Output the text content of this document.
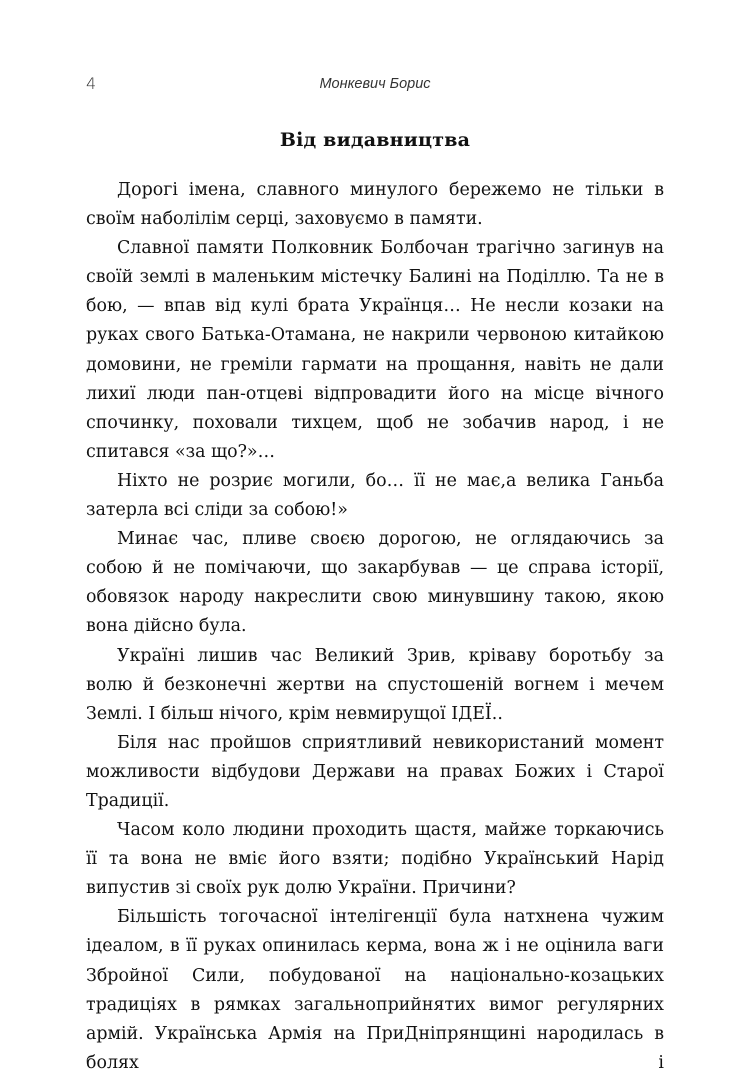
4	Монкевич Борис
Від видавництва

Дорогі імена, славного минулого бережемо не тільки в своїм наболілім серці, заховуємо в памяти.

Славної памяти Полковник Болбочан трагічно загинув на своїй землі в маленьким містечку Балині на Поділлю. Та не в бою, — впав від кулі брата Українця… Не несли козаки на руках свого Батька-Отамана, не накрили червоною китайкою домовини, не греміли гармати на прощання, навіть не дали лихиї люди пан-отцеві відпровадити його на місце вічного спочинку, поховали тихцем, щоб не зобачив народ, і не спитався «за що?»…

Ніхто не розриє могили, бо… її не має,а велика Ганьба затерла всі сліди за собою!»

Минає час, пливе своєю дорогою, не оглядаючись за собою й не помічаючи, що закарбував — це справа історії, обовязок народу накреслити свою минувшину такою, якою вона дійсно була.

Україні лишив час Великий Зрив, кріваву боротьбу за волю й безконечні жертви на спустошеній вогнем і мечем Землі. І більш нічого, крім невмирущої ІДЕЇ..

Біля нас пройшов сприятливий невикористаний момент можливости відбудови Держави на правах Божих і Старої Традиції.

Часом коло людини проходить щастя, майже торкаючись її та вона не вміє його взяти; подібно Український Нарід випустив зі своїх рук долю України. Причини?

Більшість тогочасної інтелігенції була натхнена чужим ідеалом, в її руках опинилась керма, вона ж і не оцінила ваги Збройної Сили, побудованої на національно-козацьких традиціях в рямках загальноприйнятих вимог регулярних армій. Українська Армія на ПриДніпрянщині народилась в болях і
